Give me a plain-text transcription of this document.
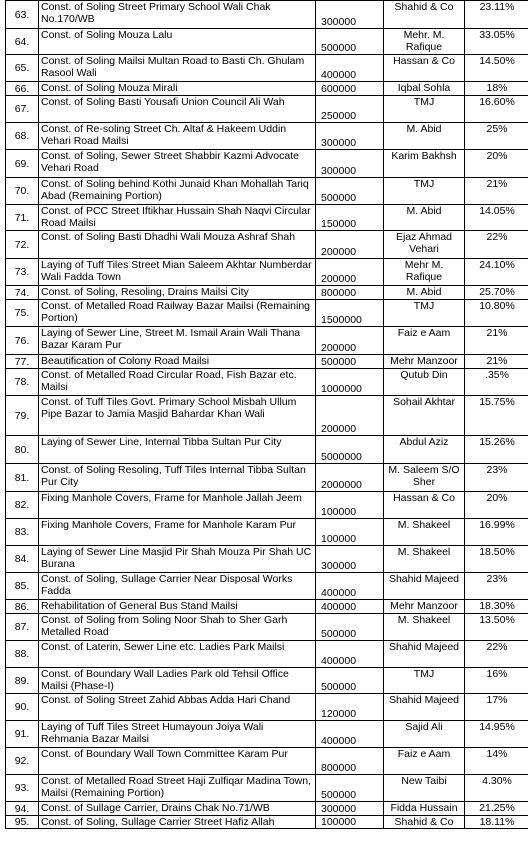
63.	Const. of Soling Street Primary School Wali Chak No.170/WB	300000	Shahid & Co	23.11%
64.	Const. of Soling Mouza Lalu	500000	Mehr. M. Rafique	33.05%
65.	Const. of Soling Mailsi Multan Road to Basti Ch. Ghulam Rasool Wali	400000	Hassan & Co	14.50%
66.	Const. of Soling Mouza Mirali	600000	Iqbal Sohla	18%
67.	Const. of Soling Basti Yousafi Union Council Ali Wah	250000	TMJ	16.60%
68.	Const. of Re-soling Street Ch. Altaf & Hakeem Uddin Vehari Road Mailsi	300000	M. Abid	25%
69.	Const. of Soling, Sewer Street Shabbir Kazmi Advocate Vehari Road	300000	Karim Bakhsh	20%
70.	Const. of Soling behind Kothi Junaid Khan Mohallah Tariq Abad (Remaining Portion)	500000	TMJ	21%
71.	Const. of PCC Street Iftikhar Hussain Shah Naqvi Circular Road Mailsi	150000	M. Abid	14.05%
72.	Const. of Soling Basti Dhadhi Wali Mouza Ashraf Shah	200000	Ejaz Ahmad Vehari	22%
73.	Laying of Tuff Tiles Street Mian Saleem Akhtar Numberdar Wali Fadda Town	200000	Mehr M. Rafique	24.10%
74.	Const. of Soling, Resoling, Drains Mailsi City	800000	M. Abid	25.70%
75.	Const. of Metalled Road Railway Bazar Mailsi (Remaining Portion)	1500000	TMJ	10.80%
76.	Laying of Sewer Line, Street M. Ismail Arain Wali Thana Bazar Karam Pur	200000	Faiz e Aam	21%
77.	Beautification of Colony Road Mailsi	500000	Mehr Manzoor	21%
78.	Const. of Metalled Road Circular Road, Fish Bazar etc. Mailsi	1000000	Qutub Din	.35%
79.	Const. of Tuff Tiles Govt. Primary School Misbah Ullum Pipe Bazar to Jamia Masjid Bahardar Khan Wali	200000	Sohail Akhtar	15.75%
80.	Laying of Sewer Line, Internal Tibba Sultan Pur City	5000000	Abdul Aziz	15.26%
81.	Const. of Soling Resoling, Tuff Tiles Internal Tibba Sultan Pur City	2000000	M. Saleem S/O Sher	23%
82.	Fixing Manhole Covers, Frame for Manhole Jallah Jeem	100000	Hassan & Co	20%
83.	Fixing Manhole Covers, Frame for Manhole Karam Pur	100000	M. Shakeel	16.99%
84.	Laying of Sewer Line Masjid Pir Shah Mouza Pir Shah UC Burana	300000	M. Shakeel	18.50%
85.	Const. of Soling, Sullage Carrier Near Disposal Works Fadda	400000	Shahid Majeed	23%
86.	Rehabilitation of General Bus Stand Mailsi	400000	Mehr Manzoor	18.30%
87.	Const. of Soling from Soling Noor Shah to Sher Garh Metalled Road	500000	M. Shakeel	13.50%
88.	Const. of Laterin, Sewer Line etc. Ladies Park Mailsi	400000	Shahid Majeed	22%
89.	Const. of Boundary Wall Ladies Park old Tehsil Office Mailsi (Phase-I)	500000	TMJ	16%
90.	Const. of Soling Street Zahid Abbas Adda Hari Chand	120000	Shahid Majeed	17%
91.	Laying of Tuff Tiles Street Humayoun Joiya Wali Rehmania Bazar Mailsi	400000	Sajid Ali	14.95%
92.	Const. of Boundary Wall Town Committee Karam Pur	800000	Faiz e Aam	14%
93.	Const. of Metalled Road Street Haji Zulfiqar Madina Town, Mailsi (Remaining Portion)	500000	New Taibi	4.30%
94.	Const. of Sullage Carrier, Drains Chak No.71/WB	300000	Fidda Hussain	21.25%
95.	Const. of Soling, Sullage Carrier Street Hafiz Allah	100000	Shahid & Co	18.11%
